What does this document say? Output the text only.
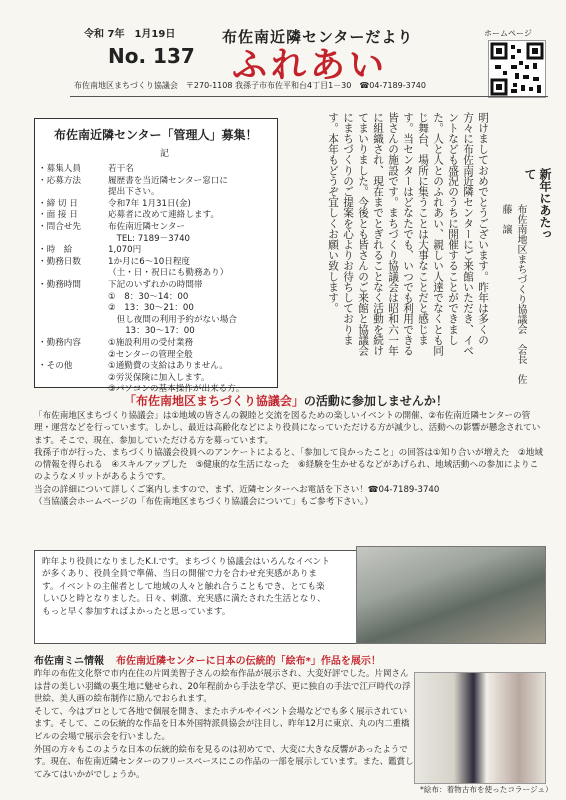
令和 7年　1月19日	布佐南近隣センターだより
No. 137 ふれあい
ホームページ
布佐南地区まちづくり協議会　〒270-1108 我孫子市布佐平和台4丁目1－30　☎04-7189-3740
布佐南近隣センター「管理人」募集！
記
・募集人員	若干名
・応募方法	履歴書を当近隣センター窓口に
提出下さい。
・締 切 日	令和7年 1月31日(金)
・面 接 日	応募者に改めて連絡します。
・問合せ先	布佐南近隣センター
　TEL: 7189－3740
・時　給	1,070円
・勤務日数	1か月に6～10日程度
（土・日・祝日にも勤務あり）
・勤務時間	下記のいずれかの時間帯
①　8：30～14：00
②　13：30～21：00
　但し夜間の利用予約がない場合
　　13：30～17：00
・勤務内容	①施設利用の受付業務
②センターの管理全般
・その他	①通勤費の支給はありません。
②労災保険に加入します。
③パソコンの基本操作が出来る方。
新年にあたって
布佐南地区まちづくり協議会　会長　佐藤　譲
明けましておめでとうございます。昨年は多くの方々に布佐南近隣センターにご来館いただき、イベントなども盛況のうちに開催することができました。人と人とのふれあい、親しい人達でなくとも同じ舞台、場所に集うことは大事なことだと感じます。当センターはどなたでも、いつでも利用できる皆さんの施設です。まちづくり協議会は昭和六一年に組織され、現在までとぎれることなく活動を続けてまいりました。今後とも皆さんのご来館と協議会にまちづくりのご提案を心よりお待ちしております。本年もどうぞ宜しくお願い致します。
「布佐南地区まちづくり協議会」の活動に参加しませんか！

「布佐南地区まちづくり協議会」は①地域の皆さんの親睦と交流を図るための楽しいイベントの開催、②布佐南近隣センターの管理・運営などを行っています。しかし、最近は高齢化などにより役員になっていただける方が減少し、活動への影響が懸念されています。そこで、現在、参加していただける方を募っています。

我孫子市が行った、まちづくり協議会役員へのアンケートによると、「参加して良かったこと」の回答は①知り合いが増えた　②地域の情報を得られる　④スキルアップした　⑤健康的な生活になった　⑥経験を生かせるなどがあげられ、地域活動への参加によりこのようなメリットがあるようです。

当会の詳細について詳しくご案内しますので、まず、近隣センターへお電話を下さい！☎04-7189-3740

（当協議会ホームページの「布佐南地区まちづくり協議会について」もご参考下さい。）

昨年より役員になりましたK.I.です。まちづくり協議会はいろんなイベントが多くあり、役員全員で準備、当日の開催で力を合わせ充実感があります。イベントの主催者として地域の人々と触れ合うこともでき、とても楽しいひと時となりました。日々、刺激、充実感に満たされた生活となり、もっと早く参加すればよかったと思っています。
布佐南ミニ情報 布佐南近隣センターに日本の伝統的「絵布*」作品を展示！

昨年の布佐文化祭で市内在住の片岡美智子さんの絵布作品が展示され、大変好評でした。片岡さんは昔の美しい羽織の裏生地に魅せられ、20年程前から手法を学び、更に独自の手法で江戸時代の浮世絵、美人画の絵布制作に励んでおられます。

そして、今はプロとして各地で個展を開き、またホテルやイベント会場などでも多く展示されています。そして、この伝統的な作品を日本外国特派員協会が注目し、昨年12月に東京、丸の内二重橋ビルの会場で展示会を行いました。

外国の方々もこのような日本の伝統的絵布を見るのは初めてで、大変に大きな反響があったようです。現在、布佐南近隣センターのフリースペースにこの作品の一部を展示しています。また、鑑賞してみてはいかがでしょうか。

*絵布：着物古布を使ったコラージュ）
